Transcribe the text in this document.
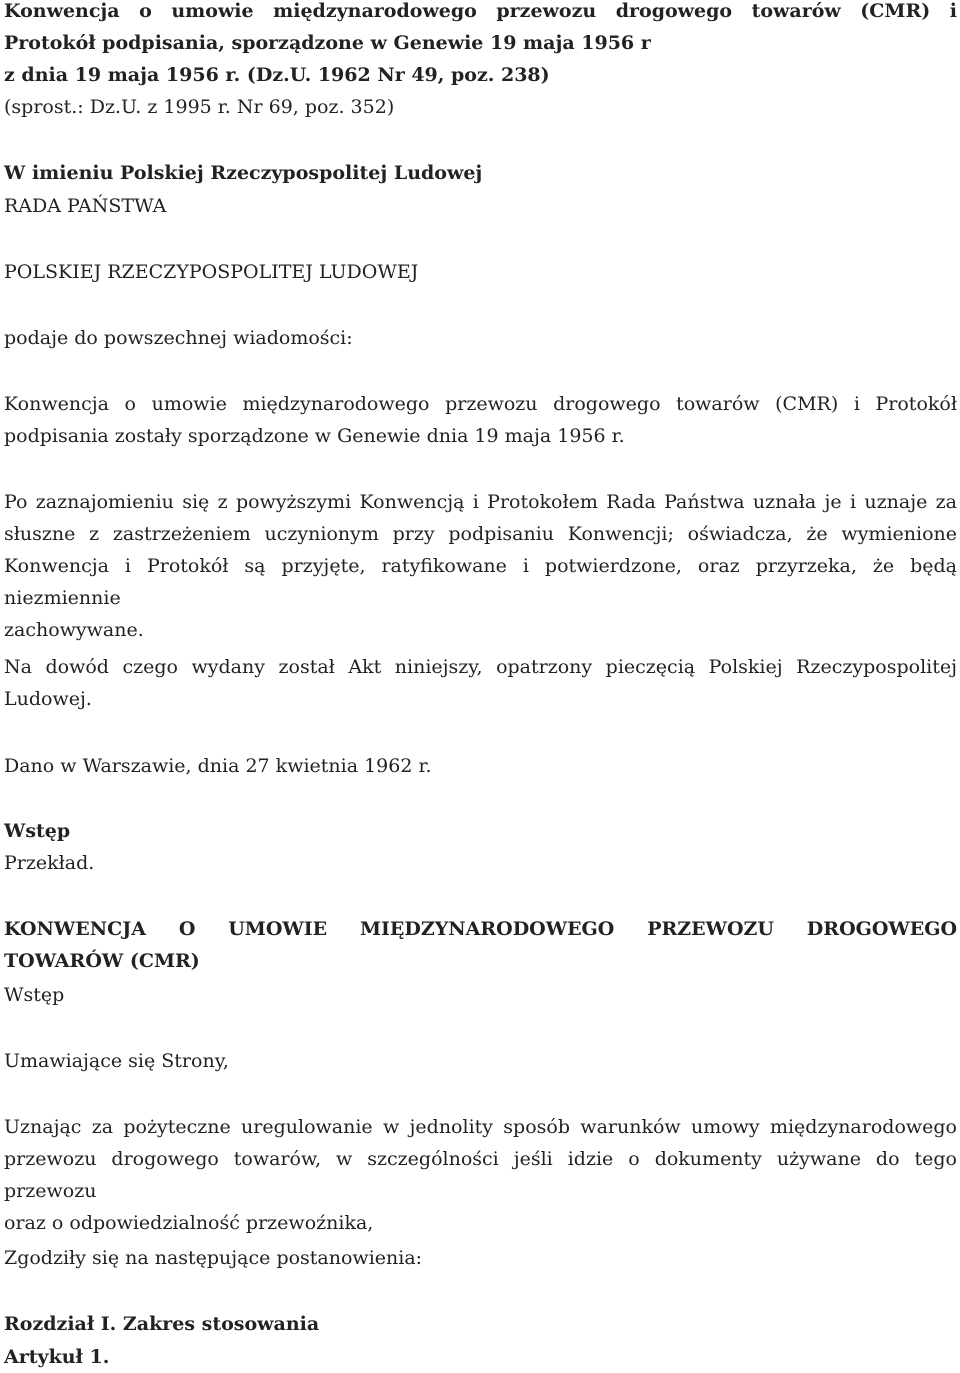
Konwencja o umowie międzynarodowego przewozu drogowego towarów (CMR) i
Protokół podpisania, sporządzone w Genewie 19 maja 1956 r
z dnia 19 maja 1956 r. (Dz.U. 1962 Nr 49, poz. 238)
(sprost.: Dz.U. z 1995 r. Nr 69, poz. 352)
W imieniu Polskiej Rzeczypospolitej Ludowej
RADA PAŃSTWA
POLSKIEJ RZECZYPOSPOLITEJ LUDOWEJ
podaje do powszechnej wiadomości:
Konwencja o umowie międzynarodowego przewozu drogowego towarów (CMR) i Protokół
podpisania zostały sporządzone w Genewie dnia 19 maja 1956 r.
Po zaznajomieniu się z powyższymi Konwencją i Protokołem Rada Państwa uznała je i uznaje za
słuszne z zastrzeżeniem uczynionym przy podpisaniu Konwencji; oświadcza, że wymienione
Konwencja i Protokół są przyjęte, ratyfikowane i potwierdzone, oraz przyrzeka, że będą niezmiennie
zachowywane.
Na dowód czego wydany został Akt niniejszy, opatrzony pieczęcią Polskiej Rzeczypospolitej
Ludowej.
Dano w Warszawie, dnia 27 kwietnia 1962 r.
Wstęp
Przekład.
KONWENCJA O UMOWIE MIĘDZYNARODOWEGO PRZEWOZU DROGOWEGO
TOWARÓW (CMR)
Wstęp
Umawiające się Strony,
Uznając za pożyteczne uregulowanie w jednolity sposób warunków umowy międzynarodowego
przewozu drogowego towarów, w szczególności jeśli idzie o dokumenty używane do tego przewozu
oraz o odpowiedzialność przewoźnika,
Zgodziły się na następujące postanowienia:
Rozdział I. Zakres stosowania
Artykuł 1.
